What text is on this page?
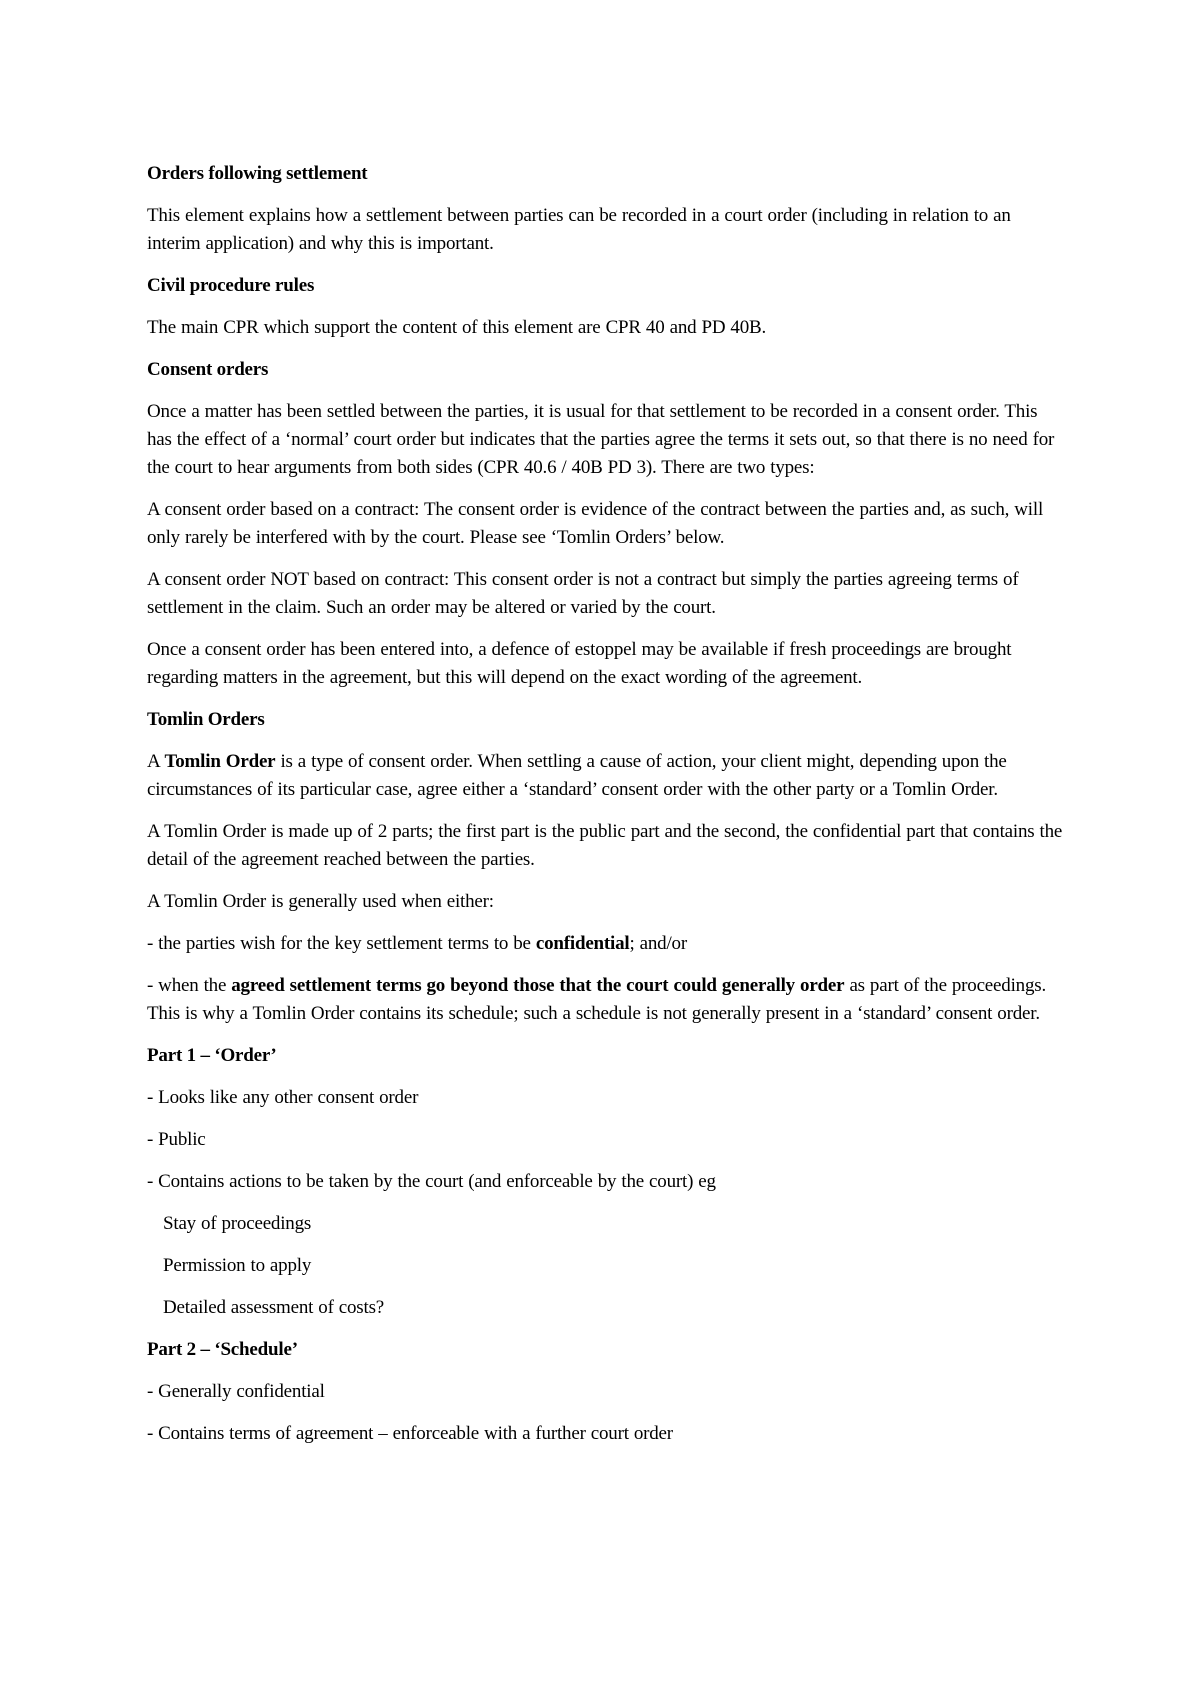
Orders following settlement
This element explains how a settlement between parties can be recorded in a court order (including in relation to an interim application) and why this is important.
Civil procedure rules
The main CPR which support the content of this element are CPR 40 and PD 40B.
Consent orders
Once a matter has been settled between the parties, it is usual for that settlement to be recorded in a consent order. This has the effect of a ‘normal’ court order but indicates that the parties agree the terms it sets out, so that there is no need for the court to hear arguments from both sides (CPR 40.6 / 40B PD 3). There are two types:
A consent order based on a contract: The consent order is evidence of the contract between the parties and, as such, will only rarely be interfered with by the court. Please see ‘Tomlin Orders’ below.
A consent order NOT based on contract: This consent order is not a contract but simply the parties agreeing terms of settlement in the claim. Such an order may be altered or varied by the court.
Once a consent order has been entered into, a defence of estoppel may be available if fresh proceedings are brought regarding matters in the agreement, but this will depend on the exact wording of the agreement.
Tomlin Orders
A Tomlin Order is a type of consent order. When settling a cause of action, your client might, depending upon the circumstances of its particular case, agree either a ‘standard’ consent order with the other party or a Tomlin Order.
A Tomlin Order is made up of 2 parts; the first part is the public part and the second, the confidential part that contains the detail of the agreement reached between the parties.
A Tomlin Order is generally used when either:
- the parties wish for the key settlement terms to be confidential; and/or
- when the agreed settlement terms go beyond those that the court could generally order as part of the proceedings. This is why a Tomlin Order contains its schedule; such a schedule is not generally present in a ‘standard’ consent order.
Part 1 – ‘Order’
- Looks like any other consent order
- Public
- Contains actions to be taken by the court (and enforceable by the court) eg
Stay of proceedings
Permission to apply
Detailed assessment of costs?
Part 2 – ‘Schedule’
- Generally confidential
- Contains terms of agreement – enforceable with a further court order
